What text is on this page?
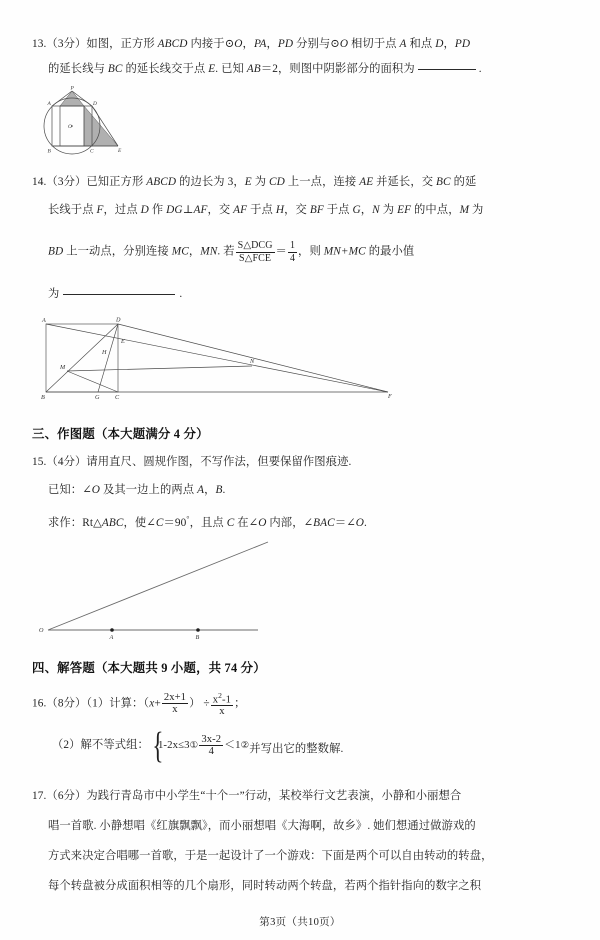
13.（3分）如图，正方形 ABCD 内接于⊙O，PA，PD 分别与⊙O 相切于点 A 和点 D，PD
的延长线与 BC 的延长线交于点 E. 已知 AB＝2，则图中阴影部分的面积为	.
P
A	D
O
B	C	E
14.（3分）已知正方形 ABCD 的边长为 3，E 为 CD 上一点，连接 AE 并延长，交 BC 的延
长线于点 F，过点 D 作 DG⊥AF，交 AF 于点 H，交 BF 于点 G，N 为 EF 的中点，M 为
BD 上一动点，分别连接 MC，MN. 若 $\frac{\text{S△DCG}}{\text{S△FCE}} = \frac{1}{4}$ ，则 MN+MC 的最小值
为	.
A	D
E
H
M
N
B	G	C	F
三、作图题（本大题满分 4 分）
15.（4分）请用直尺、圆规作图，不写作法，但要保留作图痕迹.
已知：∠O 及其一边上的两点 A，B.
求作：Rt△ABC，使∠C＝90°，且点 C 在∠O 内部，∠BAC＝∠O.
O
A	B
四、解答题（本大题共 9 小题，共 74 分）
16.（8分）（1）计算：（$x+ \frac{2x+1}{x}$ ） ÷ $\frac{x^2-1}{x}$ ；
（2）解不等式组： {
1-2x≤3① $\frac{3x-2}{4}$ ＜1②并写出它的整数解.
17.（6分）为践行青岛市中小学生“十个一”行动，某校举行文艺表演，小静和小丽想合
唱一首歌. 小静想唱《红旗飘飘》，而小丽想唱《大海啊，故乡》. 她们想通过做游戏的
方式来决定合唱哪一首歌，于是一起设计了一个游戏：下面是两个可以自由转动的转盘，
每个转盘被分成面积相等的几个扇形，同时转动两个转盘，若两个指针指向的数字之积
第3页（共10页）
